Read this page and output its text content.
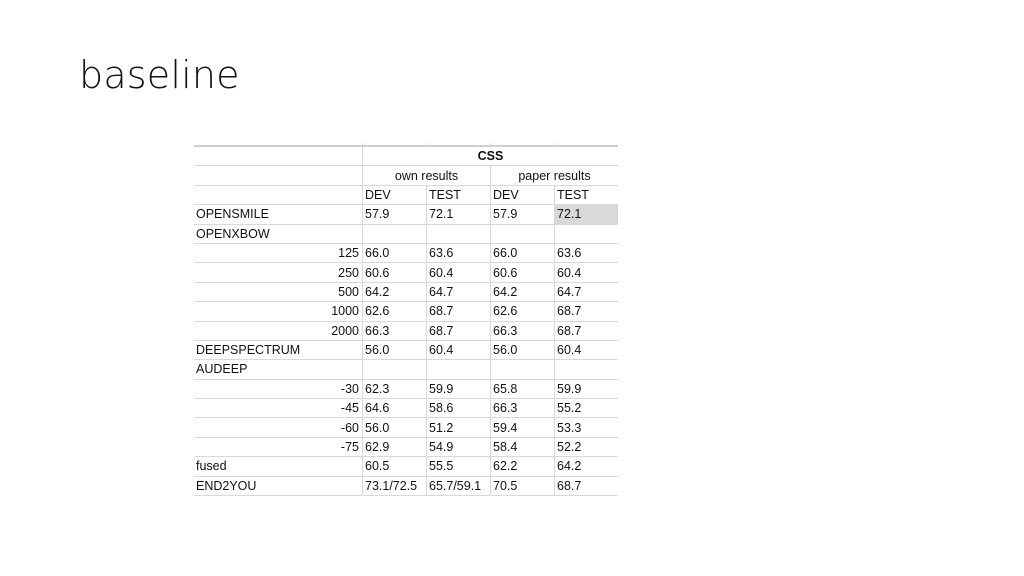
baseline

	CSS			
	own results		paper results	
	DEV	TEST	DEV	TEST
OPENSMILE	57.9	72.1	57.9	72.1
OPENXBOW				
125	66.0	63.6	66.0	63.6
250	60.6	60.4	60.6	60.4
500	64.2	64.7	64.2	64.7
1000	62.6	68.7	62.6	68.7
2000	66.3	68.7	66.3	68.7
DEEPSPECTRUM	56.0	60.4	56.0	60.4
AUDEEP				
-30	62.3	59.9	65.8	59.9
-45	64.6	58.6	66.3	55.2
-60	56.0	51.2	59.4	53.3
-75	62.9	54.9	58.4	52.2
fused	60.5	55.5	62.2	64.2
END2YOU	73.1/72.5	65.7/59.1	70.5	68.7
